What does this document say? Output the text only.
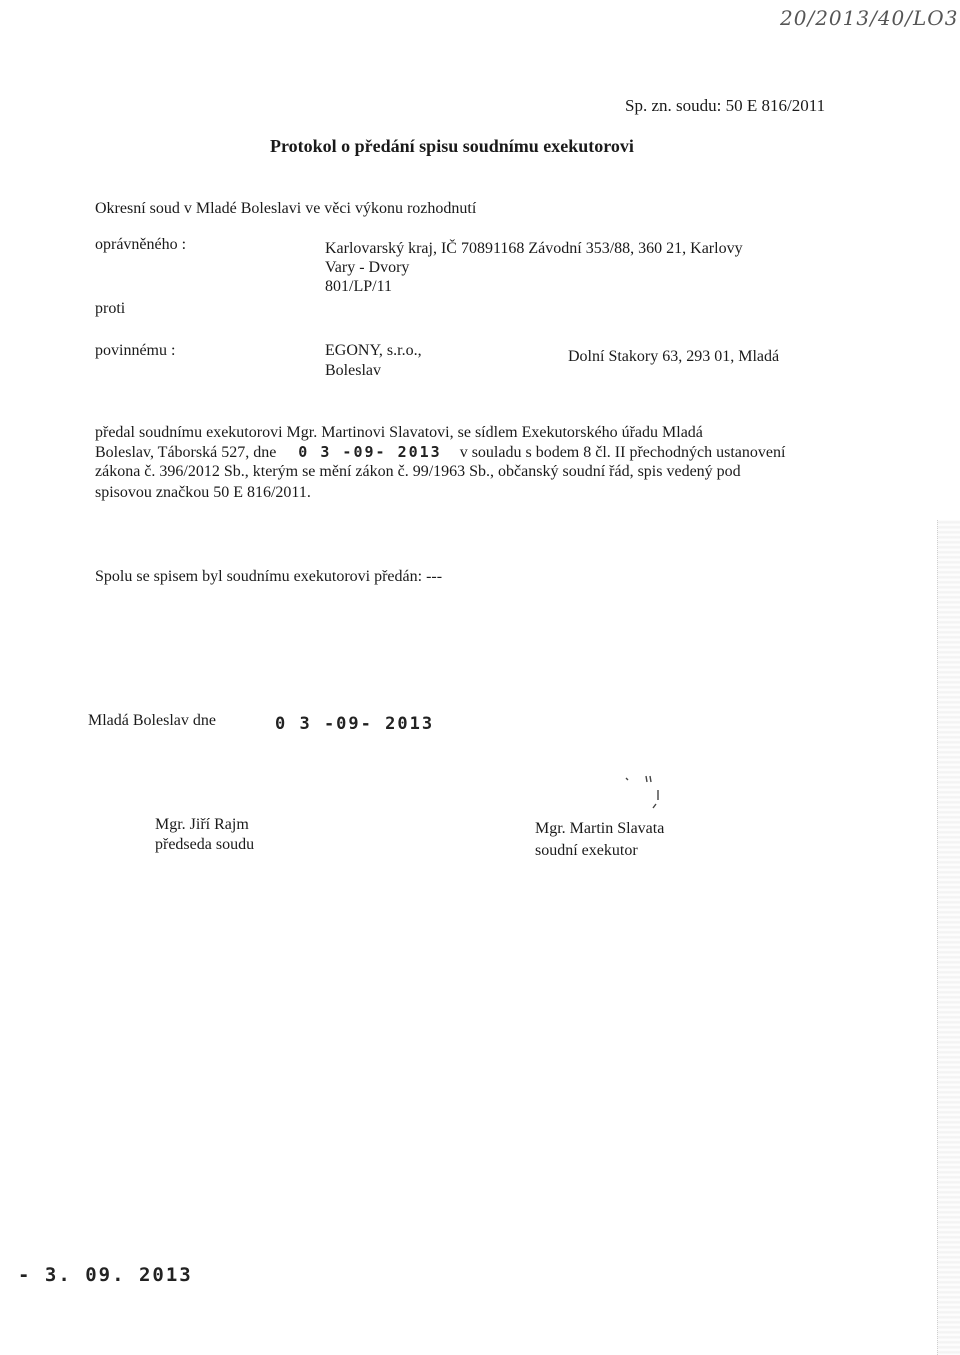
20/2013/40/LO3
Sp. zn. soudu: 50 E 816/2011
Protokol o předání spisu soudnímu exekutorovi
Okresní soud v Mladé Boleslavi ve věci výkonu rozhodnutí
oprávněného :	Karlovarský kraj, IČ 70891168 Závodní 353/88, 360 21, Karlovy
Vary - Dvory
801/LP/11
proti
povinnému :	EGONY, s.r.o.,
Boleslav
Dolní Stakory 63, 293 01, Mladá
předal soudnímu exekutorovi Mgr. Martinovi Slavatovi, se sídlem Exekutorského úřadu Mladá
Boleslav, Táborská 527, dne 0 3 -09- 2013 v souladu s bodem 8 čl. II přechodných ustanovení
zákona č. 396/2012 Sb., kterým se mění zákon č. 99/1963 Sb., občanský soudní řád, spis vedený pod
spisovou značkou 50 E 816/2011.
Spolu se spisem byl soudnímu exekutorovi předán: ---
Mladá Boleslav dne	0 3 -09- 2013
Mgr. Jiří Rajm
předseda soudu
Mgr. Martin Slavata
soudní exekutor
- 3. 09. 2013
